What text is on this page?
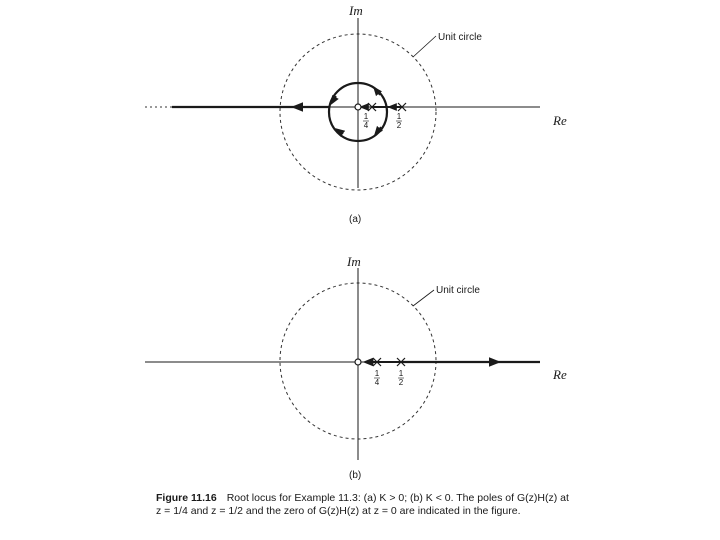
1
4
1
2
Im
Re
Unit circle
(a)
1
4
1
2
Im
Re
Unit circle
(b)
Figure 11.16 Root locus for Example 11.3: (a) K > 0; (b) K < 0. The poles of G(z)H(z) at z = 1/4 and z = 1/2 and the zero of G(z)H(z) at z = 0 are indicated in the figure.
